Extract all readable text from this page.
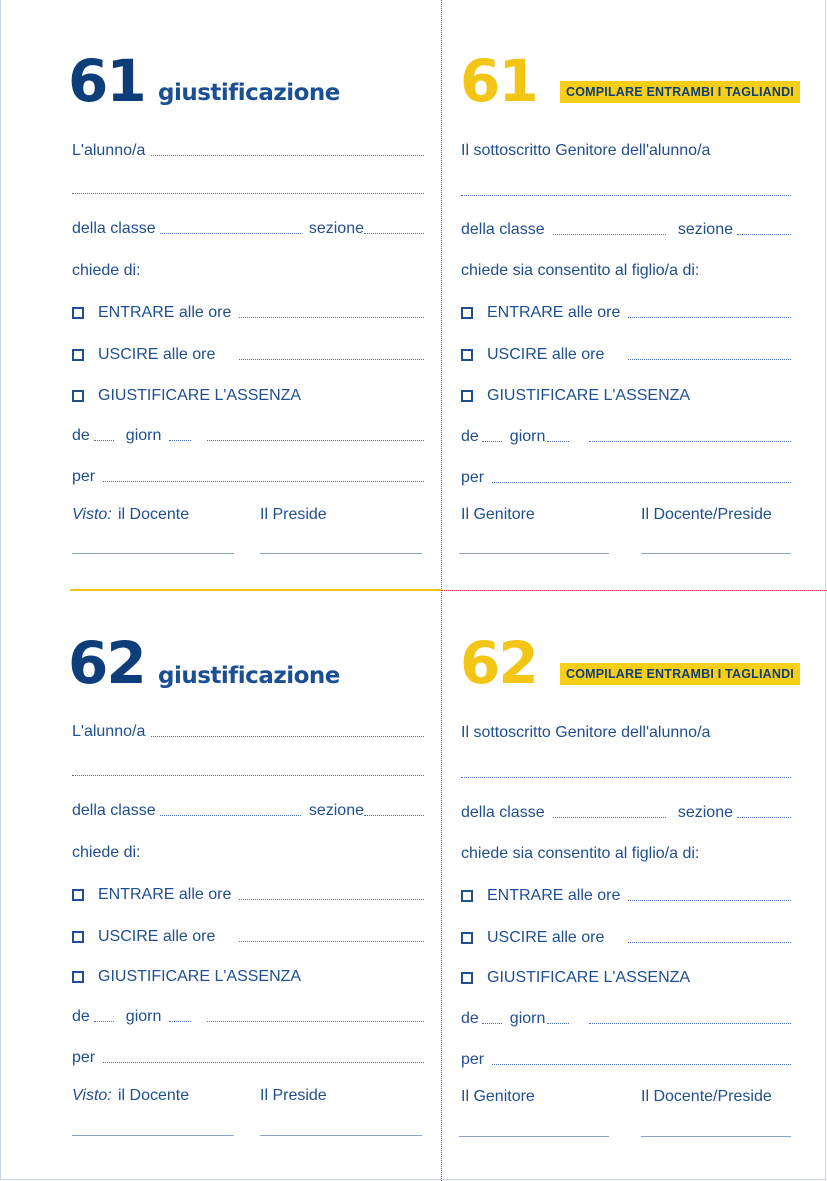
61 giustificazione
L'alunno/a
della classe	sezione
chiede di:
ENTRARE alle ore
USCIRE alle ore
GIUSTIFICARE L'ASSENZA
de giorn
per
Visto: il Docente	Il Preside
61	COMPILARE ENTRAMBI I TAGLIANDI
Il sottoscritto Genitore dell'alunno/a
della classe	sezione
chiede sia consentito al figlio/a di:
ENTRARE alle ore
USCIRE alle ore
GIUSTIFICARE L'ASSENZA
de giorn
per
Il Genitore	Il Docente/Preside
62 giustificazione
L'alunno/a
della classe	sezione
chiede di:
ENTRARE alle ore
USCIRE alle ore
GIUSTIFICARE L'ASSENZA
de giorn
per
Visto: il Docente	Il Preside
62	COMPILARE ENTRAMBI I TAGLIANDI
Il sottoscritto Genitore dell'alunno/a
della classe	sezione
chiede sia consentito al figlio/a di:
ENTRARE alle ore
USCIRE alle ore
GIUSTIFICARE L'ASSENZA
de giorn
per
Il Genitore	Il Docente/Preside
